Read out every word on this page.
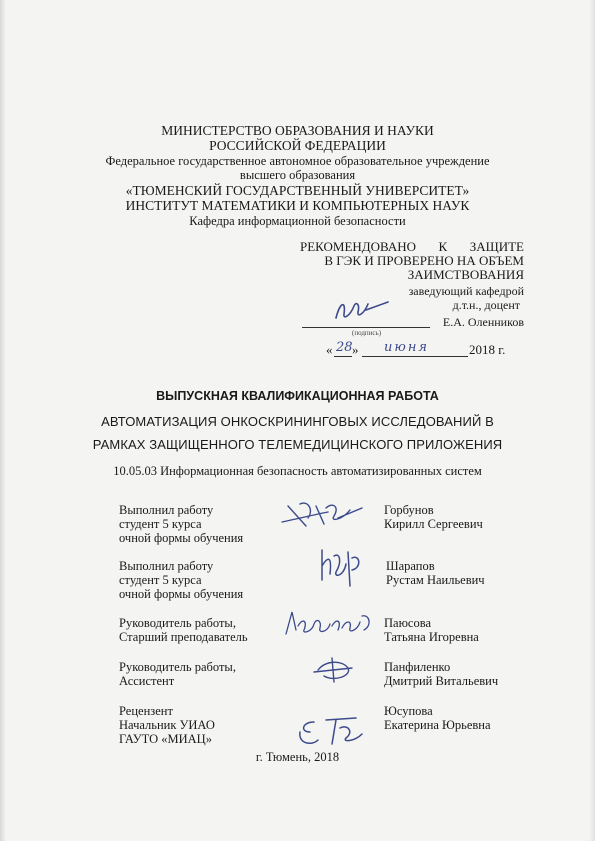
МИНИСТЕРСТВО ОБРАЗОВАНИЯ И НАУКИ
РОССИЙСКОЙ ФЕДЕРАЦИИ
Федеральное государственное автономное образовательное учреждение
высшего образования
«ТЮМЕНСКИЙ ГОСУДАРСТВЕННЫЙ УНИВЕРСИТЕТ»
ИНСТИТУТ МАТЕМАТИКИ И КОМПЬЮТЕРНЫХ НАУК
Кафедра информационной безопасности
РЕКОМЕНДОВАНО К ЗАЩИТЕ
В ГЭК И ПРОВЕРЕНО НА ОБЪЕМ
ЗАИМСТВОВАНИЯ
заведующий кафедрой
д.т.н., доцент
(подпись)
Е.А. Оленников
« 28 » июня	2018 г.
ВЫПУСКНАЯ КВАЛИФИКАЦИОННАЯ РАБОТА
АВТОМАТИЗАЦИЯ ОНКОСКРИНИНГОВЫХ ИССЛЕДОВАНИЙ В
РАМКАХ ЗАЩИЩЕННОГО ТЕЛЕМЕДИЦИНСКОГО ПРИЛОЖЕНИЯ
10.05.03 Информационная безопасность автоматизированных систем
Выполнил работу
студент 5 курса
очной формы обучения
Горбунов
Кирилл Сергеевич
Выполнил работу
студент 5 курса
очной формы обучения
Шарапов
Рустам Наильевич
Руководитель работы,
Старший преподаватель
Паюсова
Татьяна Игоревна
Руководитель работы,
Ассистент
Панфиленко
Дмитрий Витальевич
Рецензент
Начальник УИАО
ГАУТО «МИАЦ»
Юсупова
Екатерина Юрьевна
г. Тюмень, 2018
